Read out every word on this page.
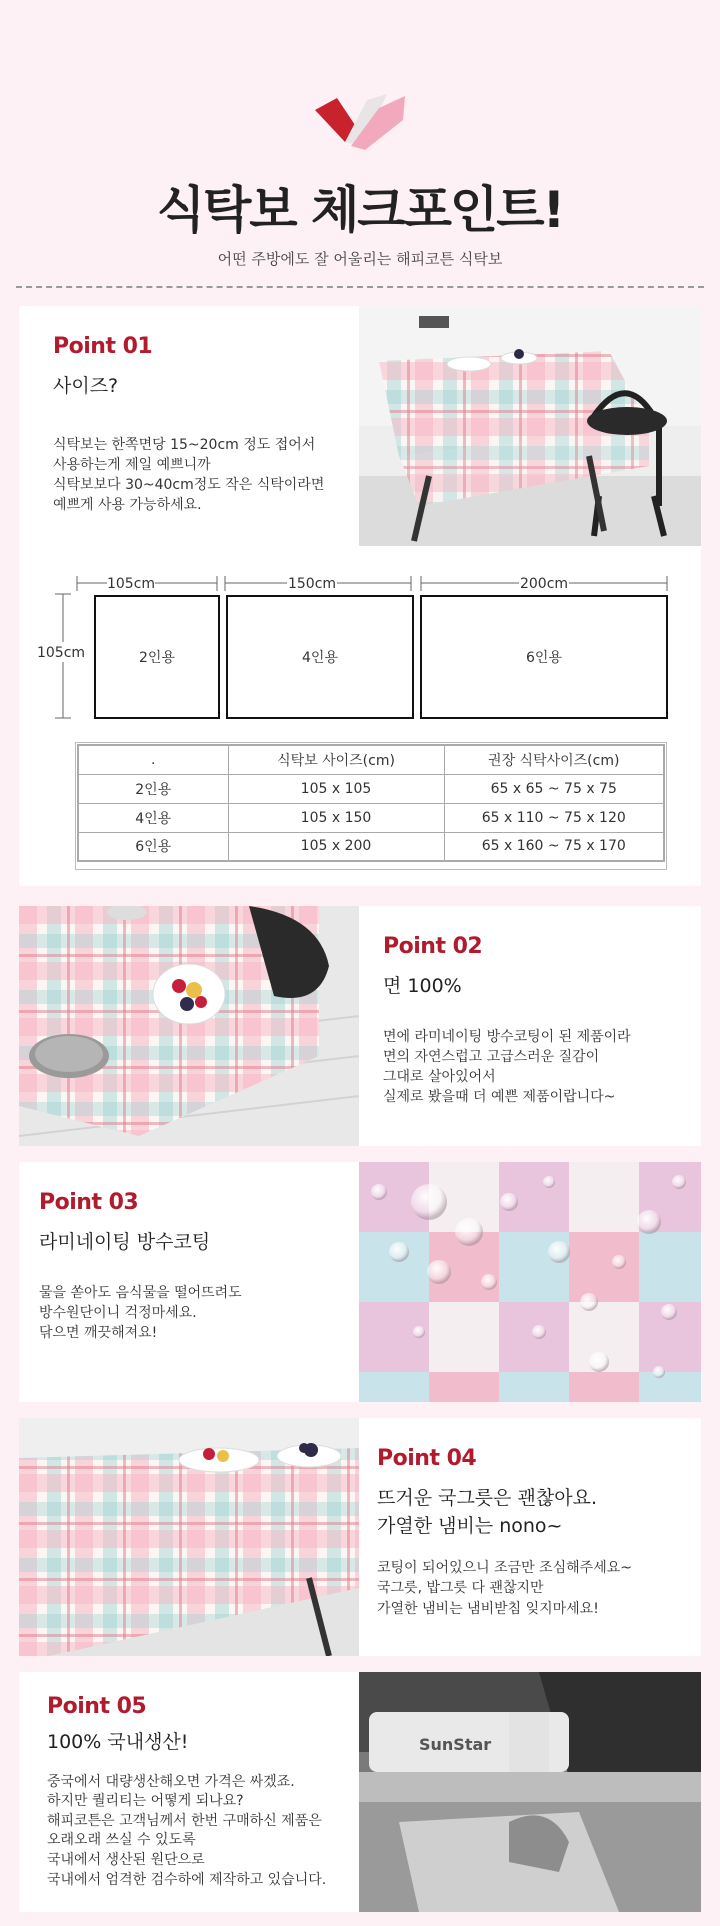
식탁보 체크포인트!
어떤 주방에도 잘 어울리는 해피코튼 식탁보
Point 01
사이즈?
식탁보는 한쪽면당 15~20cm 정도 접어서
사용하는게 제일 예쁘니까
식탁보보다 30~40cm정도 작은 식탁이라면
예쁘게 사용 가능하세요.
105cm	150cm	200cm
105cm	2인용	4인용	6인용
.	식탁보 사이즈(cm)	권장 식탁사이즈(cm)
2인용	105 x 105	65 x 65 ~ 75 x 75
4인용	105 x 150	65 x 110 ~ 75 x 120
6인용	105 x 200	65 x 160 ~ 75 x 170
Point 02
면 100%
면에 라미네이팅 방수코팅이 된 제품이라
면의 자연스럽고 고급스러운 질감이
그대로 살아있어서
실제로 봤을때 더 예쁜 제품이랍니다~
Point 03
라미네이팅 방수코팅
물을 쏟아도 음식물을 떨어뜨려도
방수원단이니 걱정마세요.
닦으면 깨끗해져요!
Point 04
뜨거운 국그릇은 괜찮아요.
가열한 냄비는 nono~
코팅이 되어있으니 조금만 조심해주세요~
국그릇, 밥그릇 다 괜찮지만
가열한 냄비는 냄비받침 잊지마세요!
Point 05
100% 국내생산!
중국에서 대량생산해오면 가격은 싸겠죠.
하지만 퀄리티는 어떻게 되나요?
해피코튼은 고객님께서 한번 구매하신 제품은
오래오래 쓰실 수 있도록
국내에서 생산된 원단으로
국내에서 엄격한 검수하에 제작하고 있습니다.
SunStar
